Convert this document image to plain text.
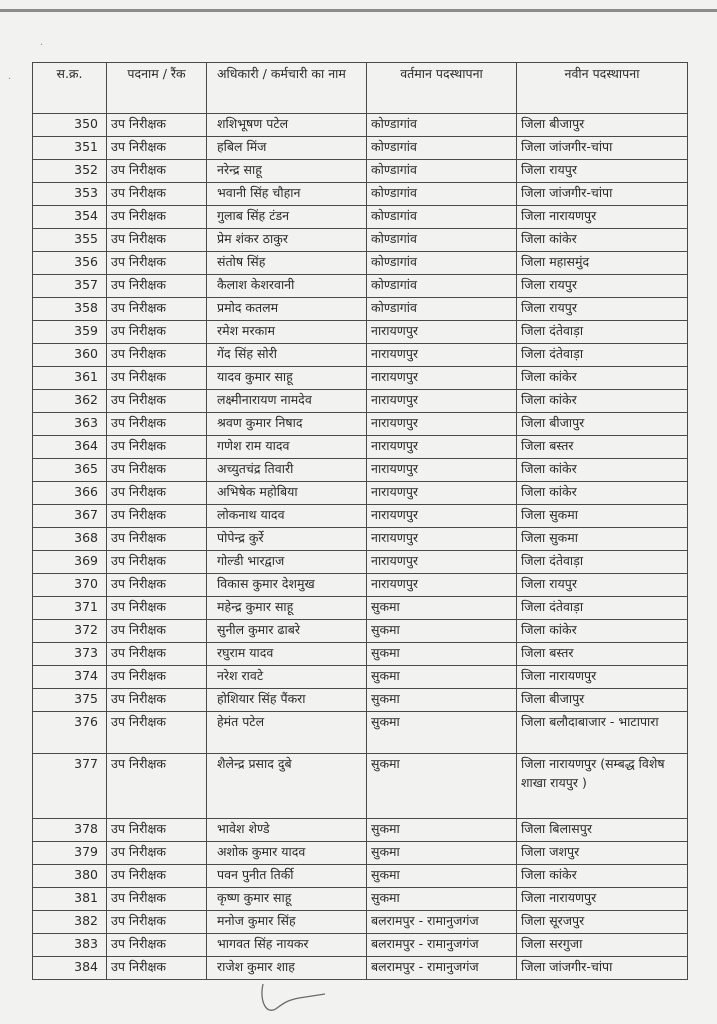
·
·	स.क्र.	पदनाम / रैंक	अधिकारी / कर्मचारी का नाम	वर्तमान पदस्थापना	नवीन पदस्थापना
350	उप निरीक्षक	शशिभूषण पटेल	कोण्डागांव	जिला बीजापुर
351	उप निरीक्षक	हबिल मिंज	कोण्डागांव	जिला जांजगीर-चांपा
352	उप निरीक्षक	नरेन्द्र साहू	कोण्डागांव	जिला रायपुर
353	उप निरीक्षक	भवानी सिंह चौहान	कोण्डागांव	जिला जांजगीर-चांपा
354	उप निरीक्षक	गुलाब सिंह टंडन	कोण्डागांव	जिला नारायणपुर
355	उप निरीक्षक	प्रेम शंकर ठाकुर	कोण्डागांव	जिला कांकेर
356	उप निरीक्षक	संतोष सिंह	कोण्डागांव	जिला महासमुंद
357	उप निरीक्षक	कैलाश केशरवानी	कोण्डागांव	जिला रायपुर
358	उप निरीक्षक	प्रमोद कतलम	कोण्डागांव	जिला रायपुर
359	उप निरीक्षक	रमेश मरकाम	नारायणपुर	जिला दंतेवाड़ा
360	उप निरीक्षक	गेंद सिंह सोरी	नारायणपुर	जिला दंतेवाड़ा
361	उप निरीक्षक	यादव कुमार साहू	नारायणपुर	जिला कांकेर
362	उप निरीक्षक	लक्ष्मीनारायण नामदेव	नारायणपुर	जिला कांकेर
363	उप निरीक्षक	श्रवण कुमार निषाद	नारायणपुर	जिला बीजापुर
364	उप निरीक्षक	गणेश राम यादव	नारायणपुर	जिला बस्तर
365	उप निरीक्षक	अच्युतचंद्र तिवारी	नारायणपुर	जिला कांकेर
366	उप निरीक्षक	अभिषेक महोबिया	नारायणपुर	जिला कांकेर
367	उप निरीक्षक	लोकनाथ यादव	नारायणपुर	जिला सुकमा
368	उप निरीक्षक	पोपेन्द्र कुर्रे	नारायणपुर	जिला सुकमा
369	उप निरीक्षक	गोल्डी भारद्वाज	नारायणपुर	जिला दंतेवाड़ा
370	उप निरीक्षक	विकास कुमार देशमुख	नारायणपुर	जिला रायपुर
371	उप निरीक्षक	महेन्द्र कुमार साहू	सुकमा	जिला दंतेवाड़ा
372	उप निरीक्षक	सुनील कुमार ढाबरे	सुकमा	जिला कांकेर
373	उप निरीक्षक	रघुराम यादव	सुकमा	जिला बस्तर
374	उप निरीक्षक	नरेश रावटे	सुकमा	जिला नारायणपुर
375	उप निरीक्षक	होशियार सिंह पैंकरा	सुकमा	जिला बीजापुर
376	उप निरीक्षक	हेमंत पटेल	सुकमा	जिला बलौदाबाजार - भाटापारा
377	उप निरीक्षक	शैलेन्द्र प्रसाद दुबे	सुकमा	जिला नारायणपुर (सम्बद्ध विशेष शाखा रायपुर )
378	उप निरीक्षक	भावेश शेण्डे	सुकमा	जिला बिलासपुर
379	उप निरीक्षक	अशोक कुमार यादव	सुकमा	जिला जशपुर
380	उप निरीक्षक	पवन पुनीत तिर्की	सुकमा	जिला कांकेर
381	उप निरीक्षक	कृष्ण कुमार साहू	सुकमा	जिला नारायणपुर
382	उप निरीक्षक	मनोज कुमार सिंह	बलरामपुर - रामानुजगंज	जिला सूरजपुर
383	उप निरीक्षक	भागवत सिंह नायकर	बलरामपुर - रामानुजगंज	जिला सरगुजा
384	उप निरीक्षक	राजेश कुमार शाह	बलरामपुर - रामानुजगंज	जिला जांजगीर-चांपा
